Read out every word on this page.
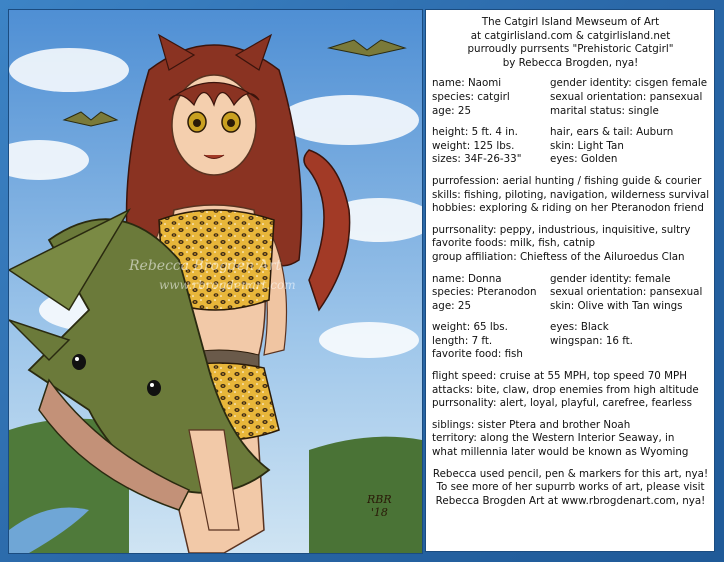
Rebecca Brogden Art
www.rbrogdenart.com
RBR
'18
The Catgirl Island Mewseum of Art
at catgirlisland.com & catgirlisland.net
purroudly purrsents "Prehistoric Catgirl"
by Rebecca Brogden, nya!
name: Naomi	gender identity: cisgen female
species: catgirl	sexual orientation: pansexual
age: 25	marital status: single
height: 5 ft. 4 in.	hair, ears & tail: Auburn
weight: 125 lbs.	skin: Light Tan
sizes: 34F-26-33"	eyes: Golden
purrofession: aerial hunting / fishing guide & courier
skills: fishing, piloting, navigation, wilderness survival
hobbies: exploring & riding on her Pteranodon friend
purrsonality: peppy, industrious, inquisitive, sultry
favorite foods: milk, fish, catnip
group affiliation: Chieftess of the Ailuroedus Clan
name: Donna	gender identity: female
species: Pteranodon	sexual orientation: pansexual
age: 25	skin: Olive with Tan wings
weight: 65 lbs.	eyes: Black
length: 7 ft.	wingspan: 16 ft.
favorite food: fish
flight speed: cruise at 55 MPH, top speed 70 MPH
attacks: bite, claw, drop enemies from high altitude
purrsonality: alert, loyal, playful, carefree, fearless
siblings: sister Ptera and brother Noah
territory: along the Western Interior Seaway, in
what millennia later would be known as Wyoming
Rebecca used pencil, pen & markers for this art, nya!
To see more of her supurrb works of art, please visit
Rebecca Brogden Art at www.rbrogdenart.com, nya!
